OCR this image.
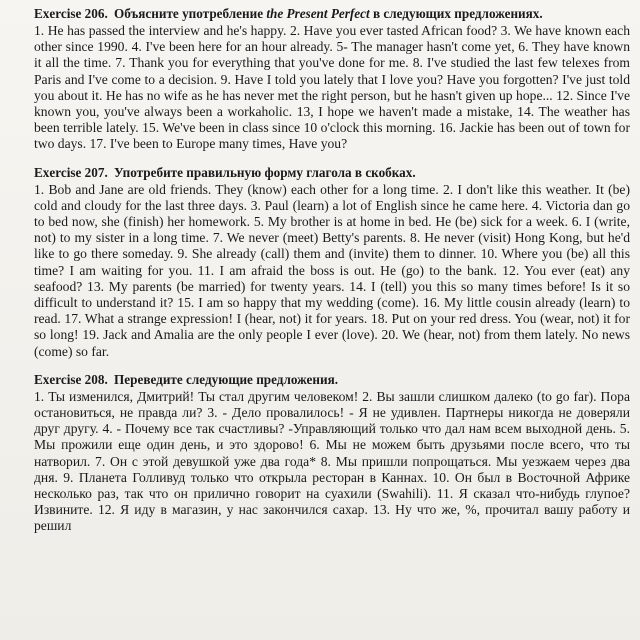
Exercise 206. Объясните употребление the Present Perfect в следующих предложениях.

1. He has passed the interview and he's happy. 2. Have you ever tasted African food? 3. We have known each other since 1990. 4. I've been here for an hour already. 5- The manager hasn't come yet, 6. They have known it all the time. 7. Thank you for everything that you've done for me. 8. I've studied the last few telexes from Paris and I've come to a decision. 9. Have I told you lately that I love you? Have you forgotten? I've just told you about it. He has no wife as he has never met the right person, but he hasn't given up hope... 12. Since I've known you, you've always been a workaholic. 13, I hope we haven't made a mistake, 14. The weather has been terrible lately. 15. We've been in class since 10 o'clock this morning. 16. Jackie has been out of town for two days. 17. I've been to Europe many times, Have you?

Exercise 207. Употребите правильную форму глагола в скобках.

1. Bob and Jane are old friends. They (know) each other for a long time. 2. I don't like this weather. It (be) cold and cloudy for the last three days. 3. Paul (learn) a lot of English since he came here. 4. Victoria dan go to bed now, she (finish) her homework. 5. My brother is at home in bed. He (be) sick for a week. 6. I (write, not) to my sister in a long time. 7. We never (meet) Betty's parents. 8. He never (visit) Hong Kong, but he'd like to go there someday. 9. She already (call) them and (invite) them to dinner. 10. Where you (be) all this time? I am waiting for you. 11. I am afraid the boss is out. He (go) to the bank. 12. You ever (eat) any seafood? 13. My parents (be married) for twenty years. 14. I (tell) you this so many times before! Is it so difficult to understand it? 15. I am so happy that my wedding (come). 16. My little cousin already (learn) to read. 17. What a strange expression! I (hear, not) it for years. 18. Put on your red dress. You (wear, not) it for so long! 19. Jack and Amalia are the only people I ever (love). 20. We (hear, not) from them lately. No news (come) so far.

Exercise 208. Переведите следующие предложения.

1. Ты изменился, Дмитрий! Ты стал другим человеком! 2. Вы зашли слишком далеко (to go far). Пора остановиться, не правда ли? 3. - Дело провалилось! - Я не удивлен. Партнеры никогда не доверяли друг другу. 4. - Почему все так счастливы? -Управляющий только что дал нам всем выходной день. 5. Мы прожили еще один день, и это здорово! 6. Мы не можем быть друзьями после всего, что ты натворил. 7. Он с этой девушкой уже два года* 8. Мы пришли попрощаться. Мы уезжаем через два дня. 9. Планета Голливуд только что открыла ресторан в Каннах. 10. Он был в Восточной Африке несколько раз, так что он прилично говорит на суахили (Swahili). 11. Я сказал что-нибудь глупое? Извините. 12. Я иду в магазин, у нас закончился сахар. 13. Ну что же, %, прочитал вашу работу и решил
